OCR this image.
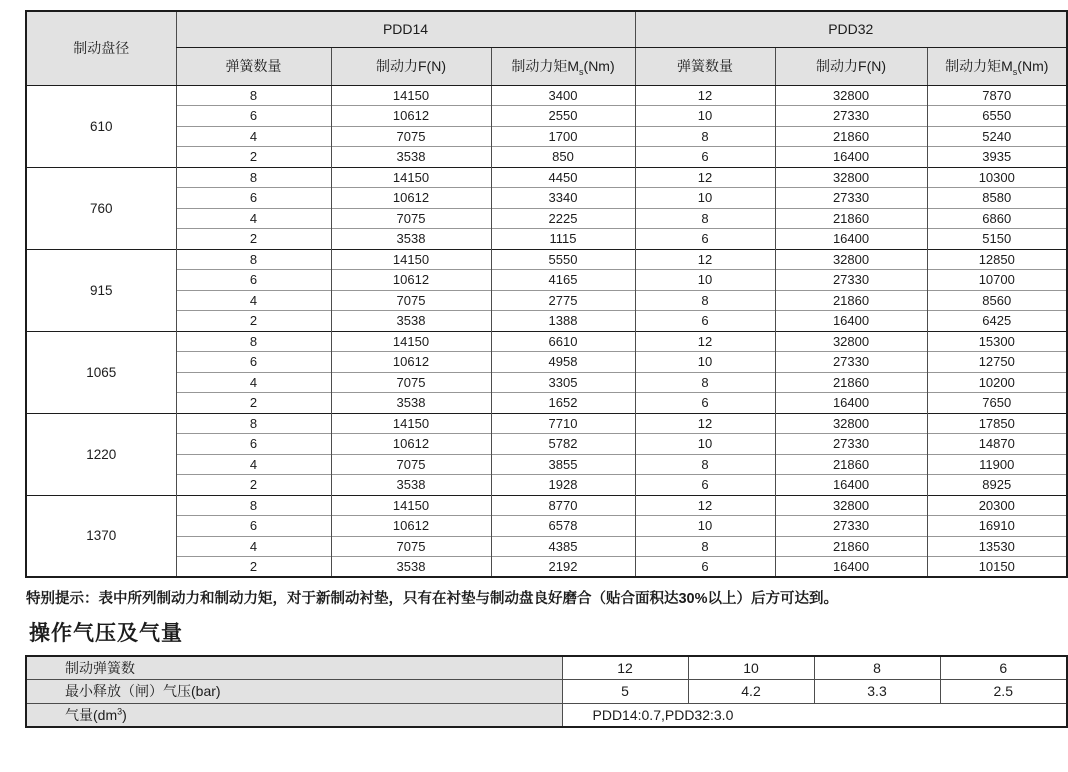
制动盘径	PDD14			PDD32		
	弹簧数量	制动力F(N)	制动力矩$M_s(Nm)$	弹簧数量	制动力F(N)	制动力矩$M_s(Nm)$
610	8	14150	3400	12	32800	7870
	6	10612	2550	10	27330	6550
	4	7075	1700	8	21860	5240
	2	3538	850	6	16400	3935
760	8	14150	4450	12	32800	10300
	6	10612	3340	10	27330	8580
	4	7075	2225	8	21860	6860
	2	3538	1115	6	16400	5150
915	8	14150	5550	12	32800	12850
	6	10612	4165	10	27330	10700
	4	7075	2775	8	21860	8560
	2	3538	1388	6	16400	6425
1065	8	14150	6610	12	32800	15300
	6	10612	4958	10	27330	12750
	4	7075	3305	8	21860	10200
	2	3538	1652	6	16400	7650
1220	8	14150	7710	12	32800	17850
	6	10612	5782	10	27330	14870
	4	7075	3855	8	21860	11900
	2	3538	1928	6	16400	8925
1370	8	14150	8770	12	32800	20300
	6	10612	6578	10	27330	16910
	4	7075	4385	8	21860	13530
	2	3538	2192	6	16400	10150
特别提示：表中所列制动力和制动力矩，对于新制动衬垫，只有在衬垫与制动盘良好磨合（贴合面积达30%以上）后方可达到。
操作气压及气量
制动弹簧数	12	10	8	6
最小释放（闸）气压(bar)	5	4.2	3.3	2.5
气量$(dm^3)$	PDD14:0.7,PDD32:3.0			
